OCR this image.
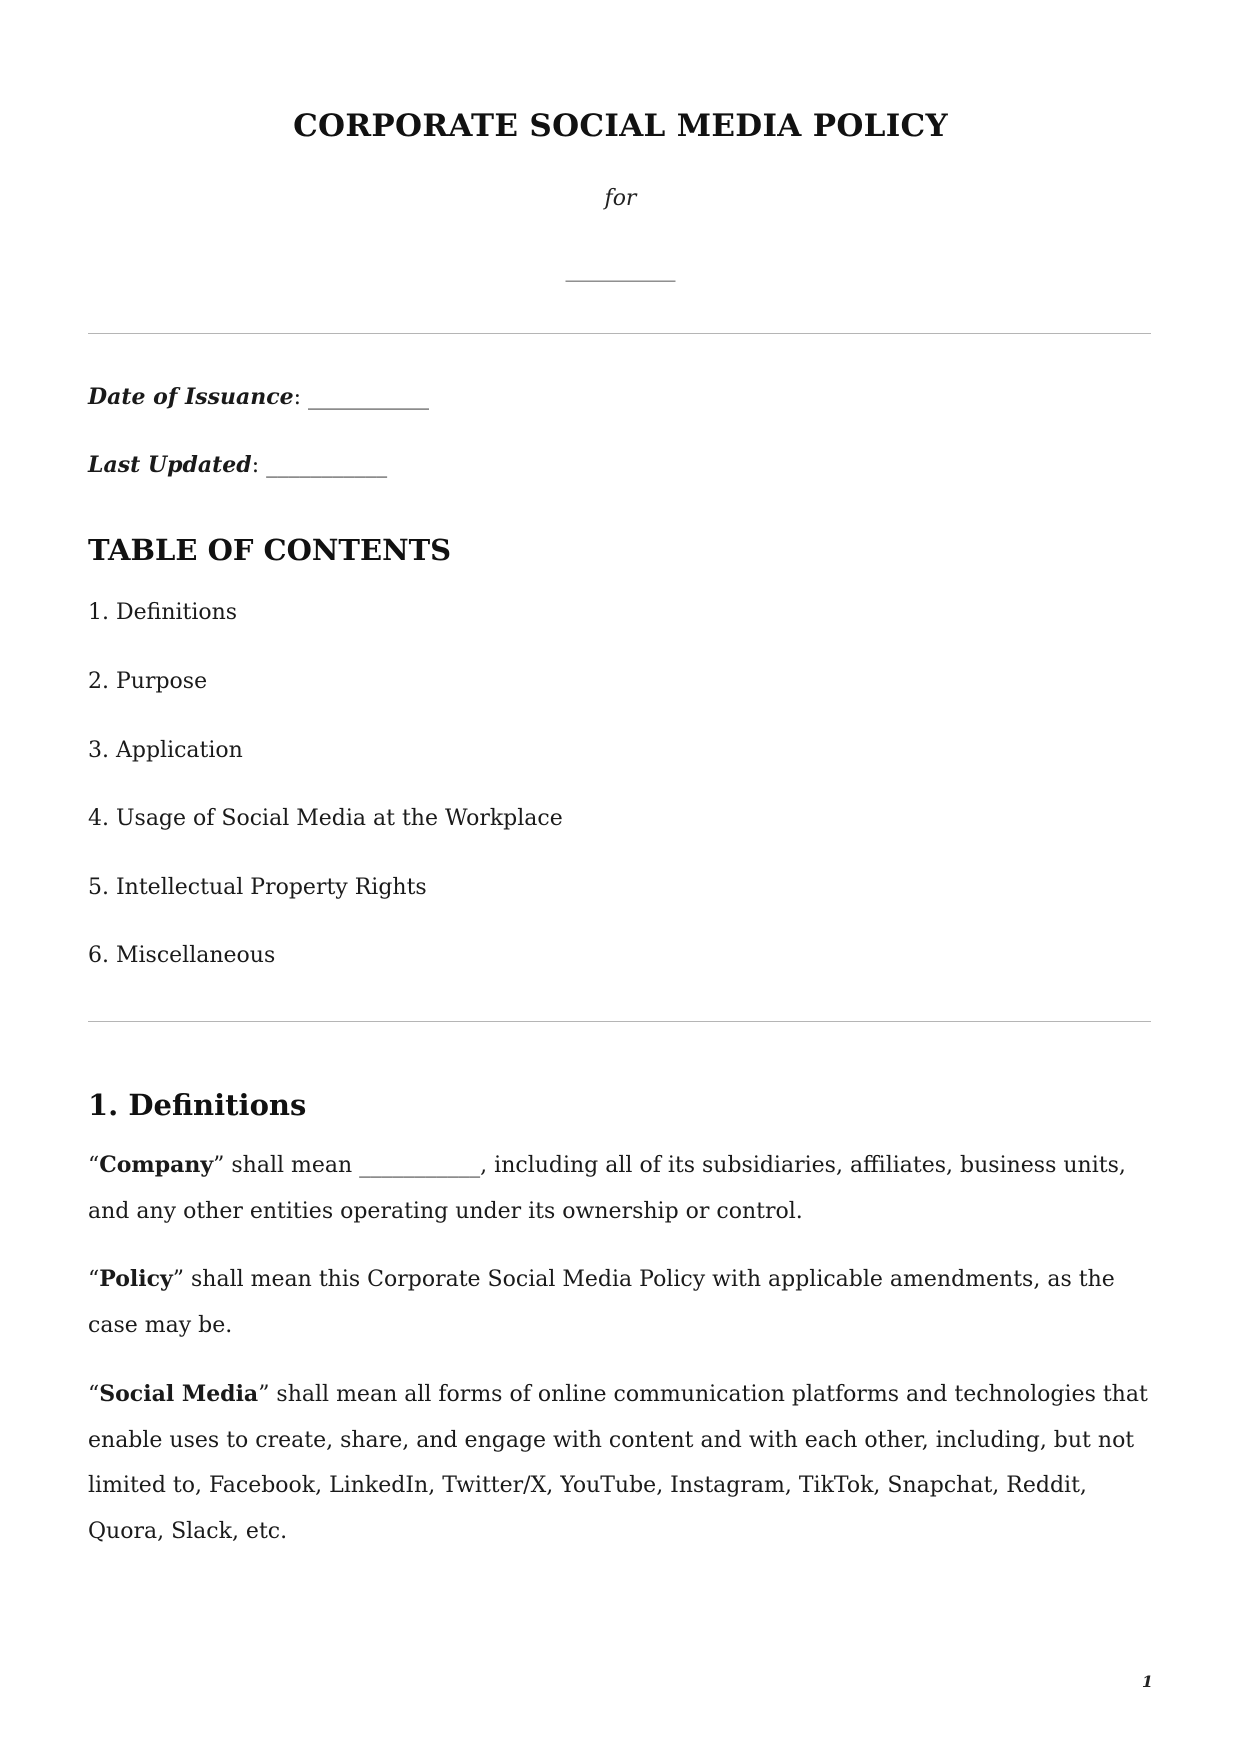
CORPORATE SOCIAL MEDIA POLICY
for
___________
Date of Issuance: ___________
Last Updated: ___________
TABLE OF CONTENTS
1. Definitions
2. Purpose
3. Application
4. Usage of Social Media at the Workplace
5. Intellectual Property Rights
6. Miscellaneous
1. Definitions
“Company” shall mean ___________, including all of its subsidiaries, affiliates, business units, and any other entities operating under its ownership or control.
“Policy” shall mean this Corporate Social Media Policy with applicable amendments, as the case may be.
“Social Media” shall mean all forms of online communication platforms and technologies that enable uses to create, share, and engage with content and with each other, including, but not limited to, Facebook, LinkedIn, Twitter/X, YouTube, Instagram, TikTok, Snapchat, Reddit, Quora, Slack, etc.
1
